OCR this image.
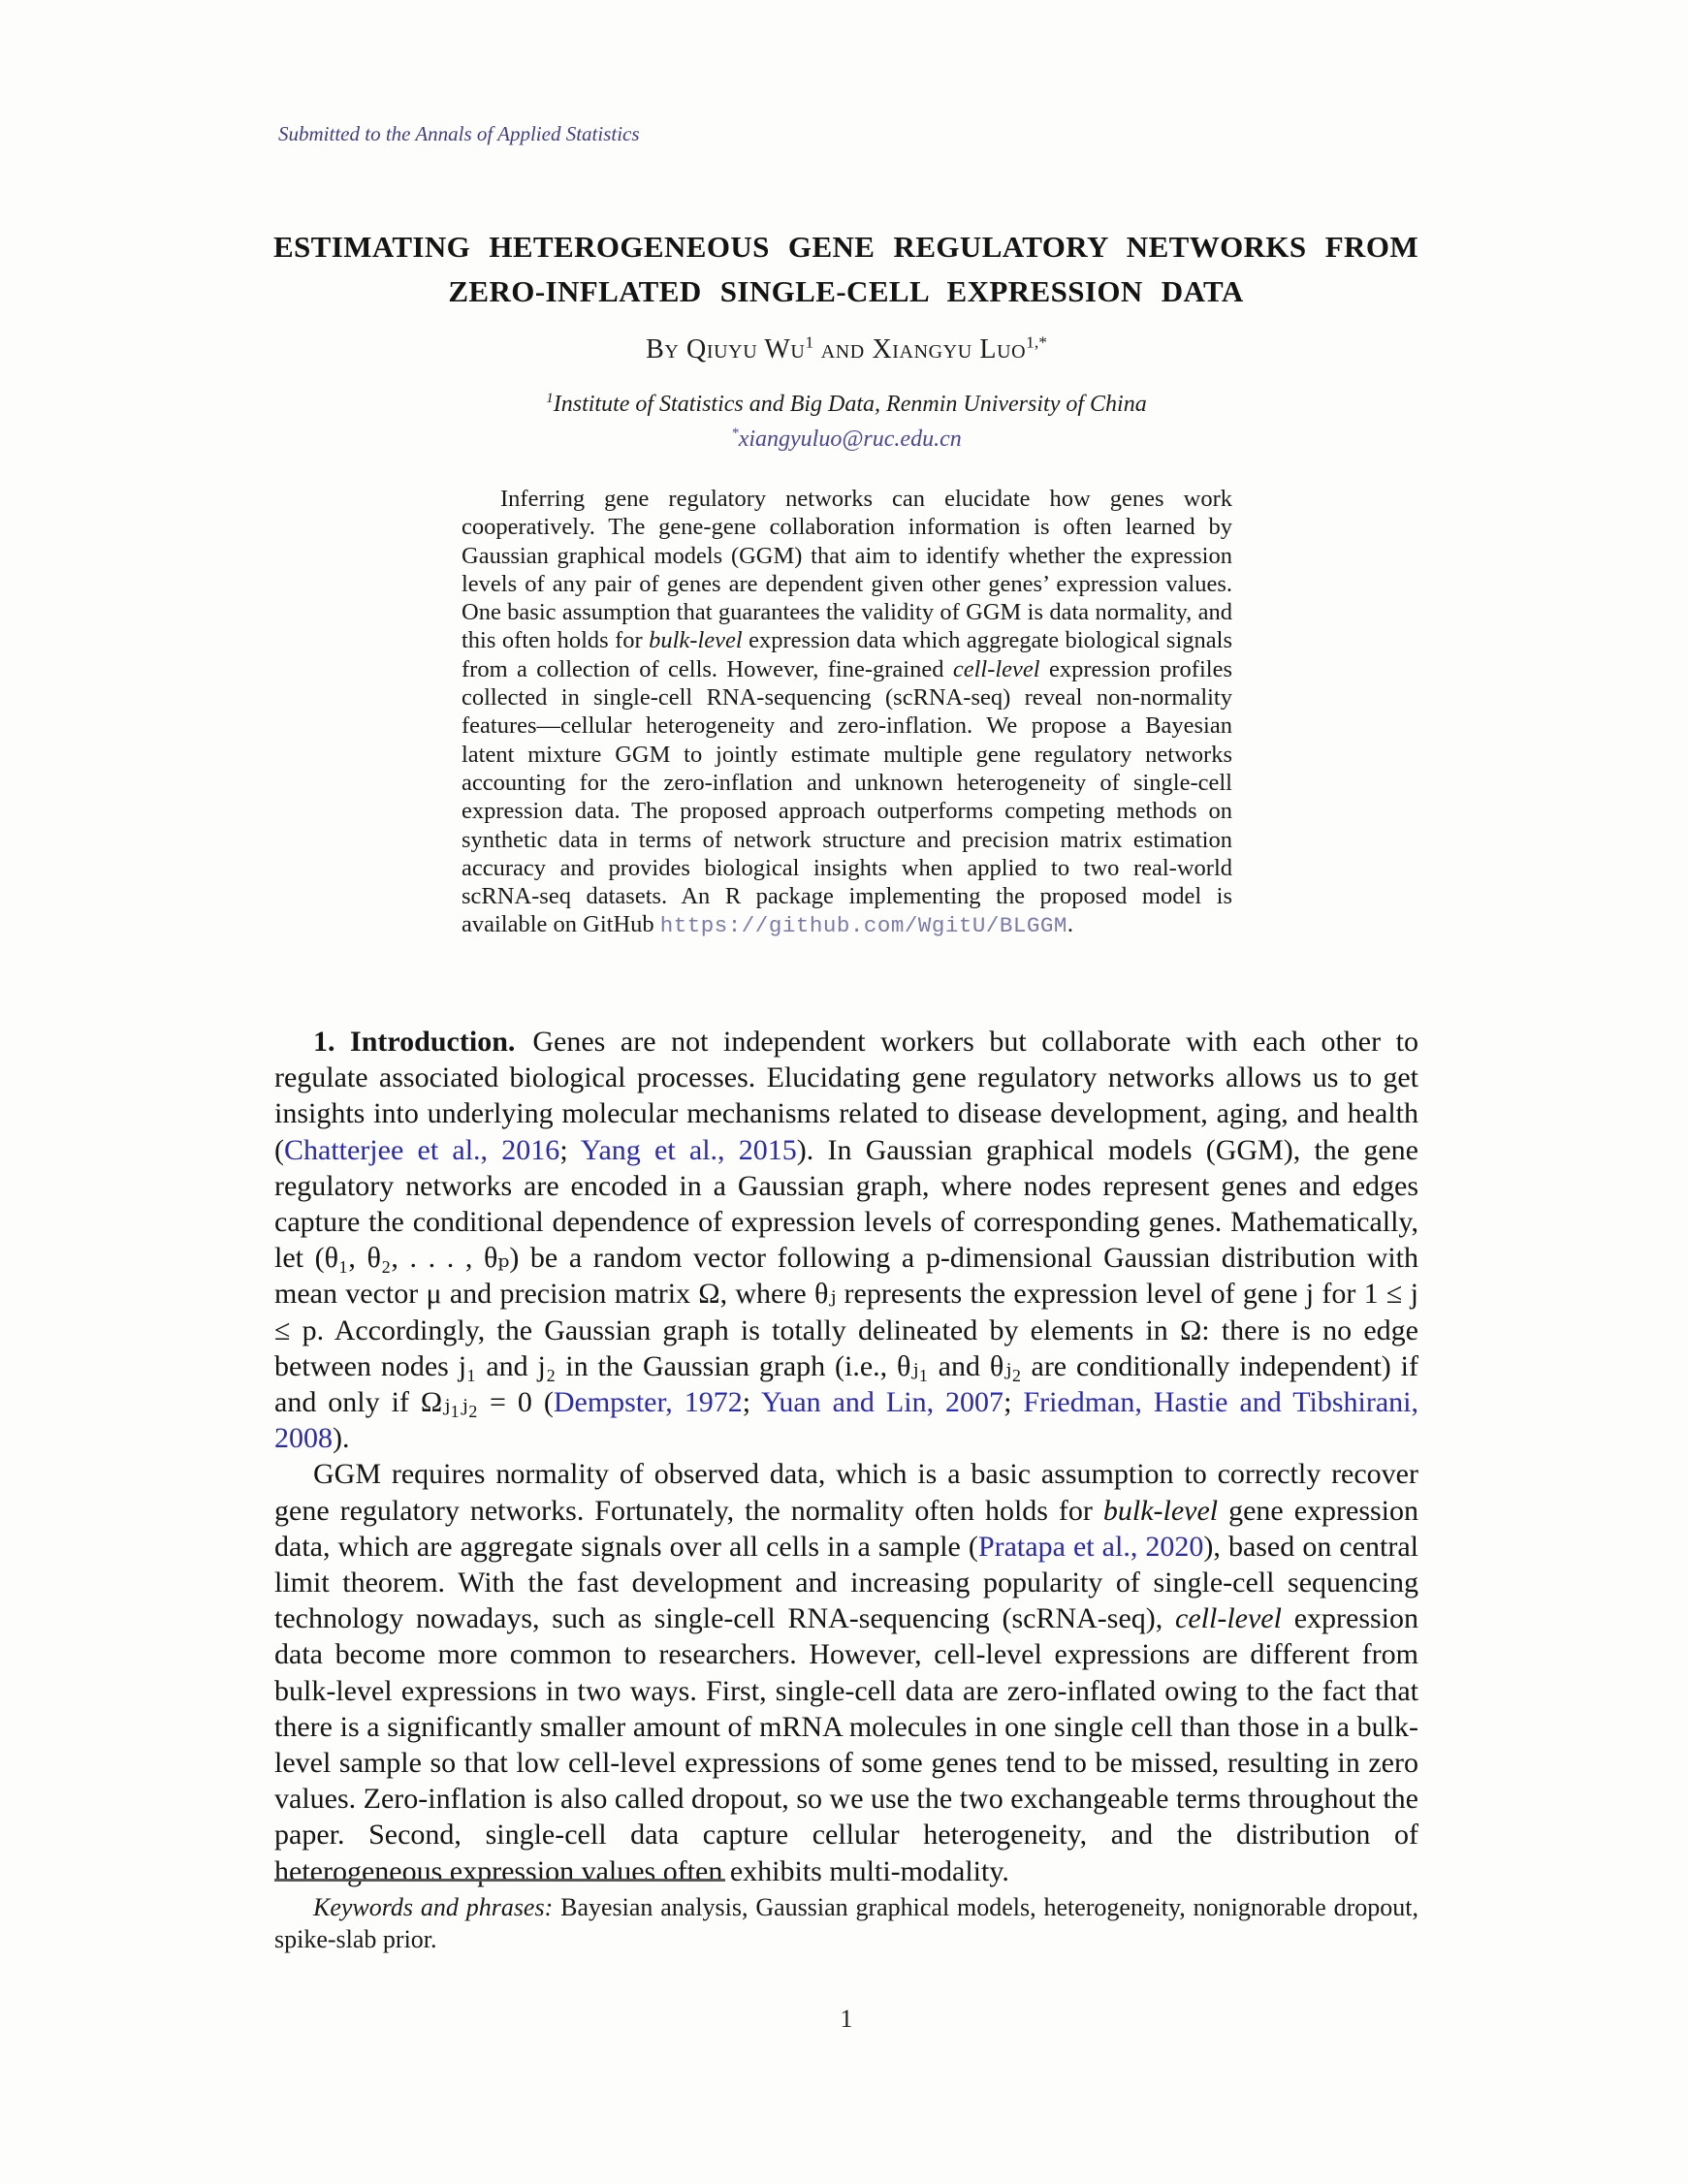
Submitted to the Annals of Applied Statistics
ESTIMATING HETEROGENEOUS GENE REGULATORY NETWORKS FROM
ZERO-INFLATED SINGLE-CELL EXPRESSION DATA
By Qiuyu Wu$^1$ and Xiangyu Luo$^{1,*}$
$^1$Institute of Statistics and Big Data, Renmin University of China
*xiangyuluo@ruc.edu.cn
Inferring gene regulatory networks can elucidate how genes work cooperatively. The gene-gene collaboration information is often learned by Gaussian graphical models (GGM) that aim to identify whether the expression levels of any pair of genes are dependent given other genes’ expression values. One basic assumption that guarantees the validity of GGM is data normality, and this often holds for bulk-level expression data which aggregate biological signals from a collection of cells. However, fine-grained cell-level expression profiles collected in single-cell RNA-sequencing (scRNA-seq) reveal non-normality features—cellular heterogeneity and zero-inflation. We propose a Bayesian latent mixture GGM to jointly estimate multiple gene regulatory networks accounting for the zero-inflation and unknown heterogeneity of single-cell expression data. The proposed approach outperforms competing methods on synthetic data in terms of network structure and precision matrix estimation accuracy and provides biological insights when applied to two real-world scRNA-seq datasets. An R package implementing the proposed model is available on GitHub https://github.com/WgitU/BLGGM.

1. Introduction. Genes are not independent workers but collaborate with each other to regulate associated biological processes. Elucidating gene regulatory networks allows us to get insights into underlying molecular mechanisms related to disease development, aging, and health (Chatterjee et al., 2016; Yang et al., 2015). In Gaussian graphical models (GGM), the gene regulatory networks are encoded in a Gaussian graph, where nodes represent genes and edges capture the conditional dependence of expression levels of corresponding genes. Mathematically, let (θ₁, θ₂, . . . , θₚ) be a random vector following a p-dimensional Gaussian distribution with mean vector μ and precision matrix Ω, where θⱼ represents the expression level of gene j for 1 ≤ j ≤ p. Accordingly, the Gaussian graph is totally delineated by elements in Ω: there is no edge between nodes j₁ and j₂ in the Gaussian graph (i.e., θⱼ₁ and θⱼ₂ are conditionally independent) if and only if Ωⱼ₁ⱼ₂ = 0 (Dempster, 1972; Yuan and Lin, 2007; Friedman, Hastie and Tibshirani, 2008).

GGM requires normality of observed data, which is a basic assumption to correctly recover gene regulatory networks. Fortunately, the normality often holds for bulk-level gene expression data, which are aggregate signals over all cells in a sample (Pratapa et al., 2020), based on central limit theorem. With the fast development and increasing popularity of single-cell sequencing technology nowadays, such as single-cell RNA-sequencing (scRNA-seq), cell-level expression data become more common to researchers. However, cell-level expressions are different from bulk-level expressions in two ways. First, single-cell data are zero-inflated owing to the fact that there is a significantly smaller amount of mRNA molecules in one single cell than those in a bulk-level sample so that low cell-level expressions of some genes tend to be missed, resulting in zero values. Zero-inflation is also called dropout, so we use the two exchangeable terms throughout the paper. Second, single-cell data capture cellular heterogeneity, and the distribution of heterogeneous expression values often exhibits multi-modality.

Keywords and phrases: Bayesian analysis, Gaussian graphical models, heterogeneity, nonignorable dropout, spike-slab prior.

1
